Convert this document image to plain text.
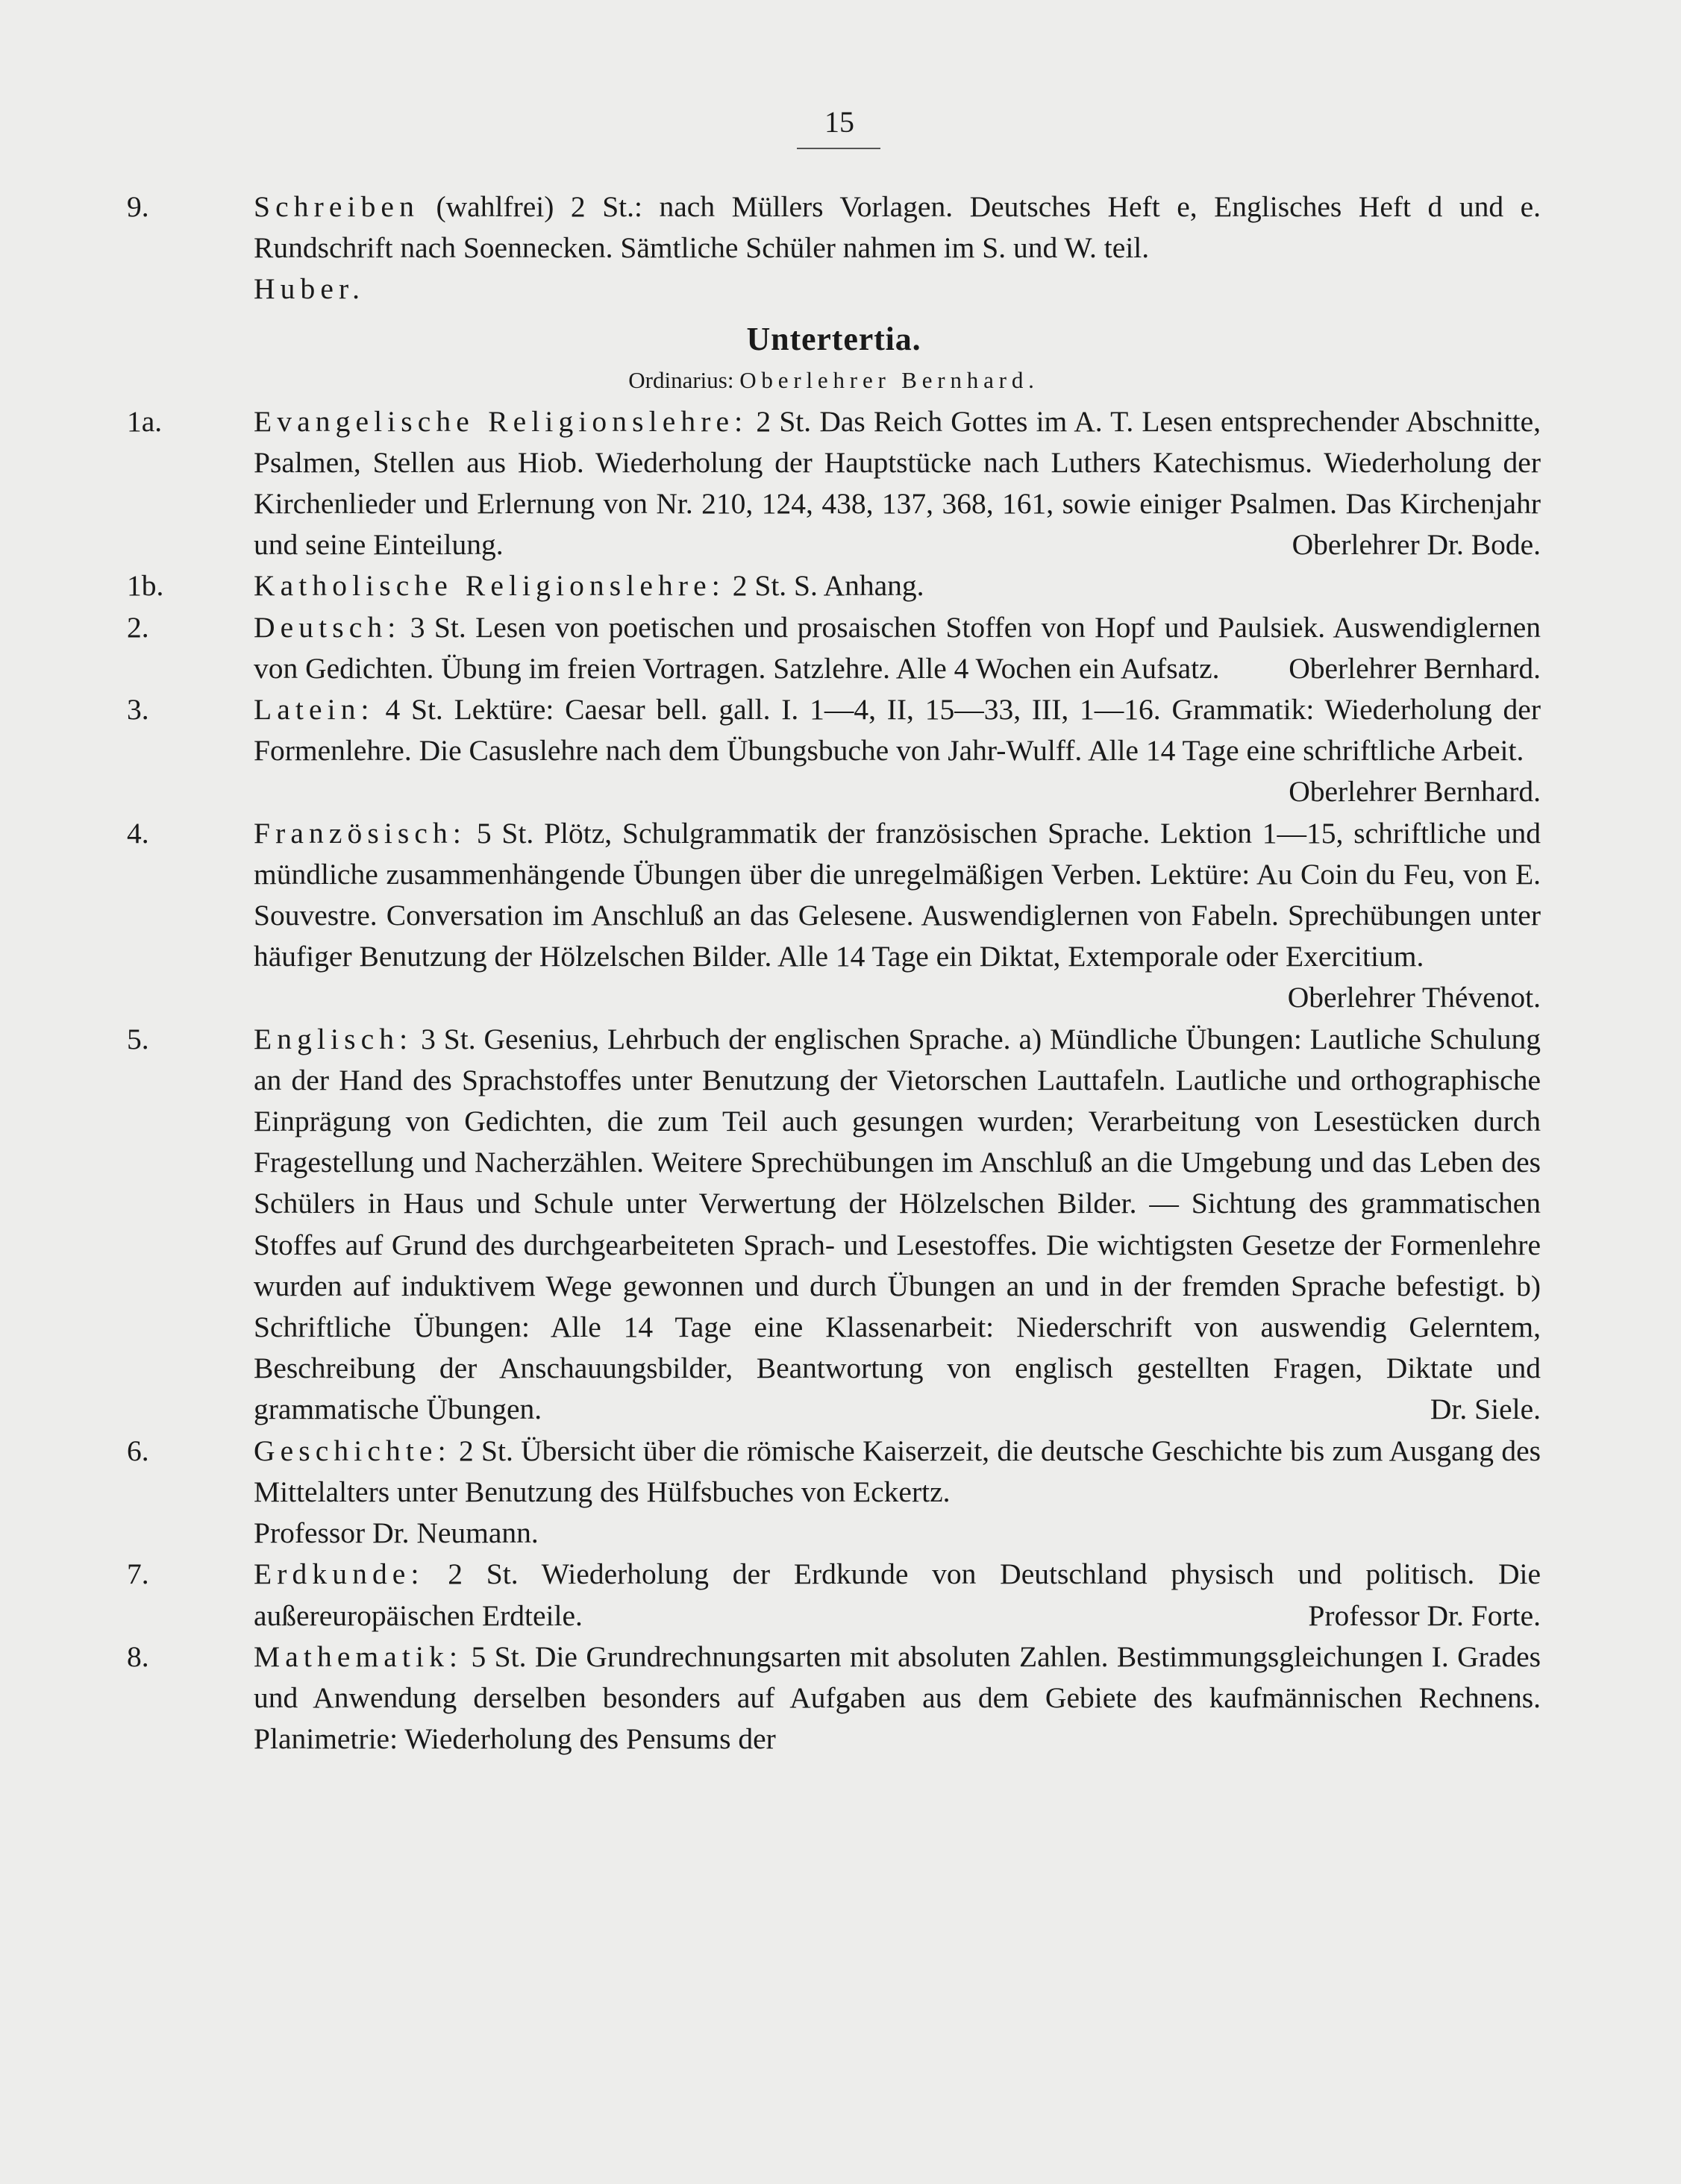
15
9.	Schreiben (wahlfrei) 2 St.: nach Müllers Vorlagen. Deutsches Heft e, Englisches Heft d und e. Rundschrift nach Soennecken. Sämtliche Schüler nahmen im S. und W. teil.
Huber.
Untertertia.
Ordinarius: Oberlehrer Bernhard.
1a.	Evangelische Religionslehre: 2 St. Das Reich Gottes im A. T. Lesen entsprechender Abschnitte, Psalmen, Stellen aus Hiob. Wiederholung der Hauptstücke nach Luthers Katechismus. Wiederholung der Kirchenlieder und Erlernung von Nr. 210, 124, 438, 137, 368, 161, sowie einiger Psalmen. Das Kirchenjahr und seine Einteilung.	Oberlehrer Dr. Bode.
1b.	Katholische Religionslehre: 2 St. S. Anhang.
2.	Deutsch: 3 St. Lesen von poetischen und prosaischen Stoffen von Hopf und Paulsiek. Auswendiglernen von Gedichten. Übung im freien Vortragen. Satzlehre. Alle 4 Wochen ein Aufsatz. Oberlehrer Bernhard.
3.	Latein: 4 St. Lektüre: Caesar bell. gall. I. 1—4, II, 15—33, III, 1—16. Grammatik: Wiederholung der Formenlehre. Die Casuslehre nach dem Übungsbuche von Jahr-Wulff. Alle 14 Tage eine schriftliche Arbeit.
Oberlehrer Bernhard.
4.	Französisch: 5 St. Plötz, Schulgrammatik der französischen Sprache. Lektion 1—15, schriftliche und mündliche zusammenhängende Übungen über die unregelmäßigen Verben. Lektüre: Au Coin du Feu, von E. Souvestre. Conversation im Anschluß an das Gelesene. Auswendiglernen von Fabeln. Sprechübungen unter häufiger Benutzung der Hölzelschen Bilder. Alle 14 Tage ein Diktat, Extemporale oder Exercitium.
Oberlehrer Thévenot.
5.	Englisch: 3 St. Gesenius, Lehrbuch der englischen Sprache. a) Mündliche Übungen: Lautliche Schulung an der Hand des Sprachstoffes unter Benutzung der Vietorschen Lauttafeln. Lautliche und orthographische Einprägung von Gedichten, die zum Teil auch gesungen wurden; Verarbeitung von Lesestücken durch Fragestellung und Nacherzählen. Weitere Sprechübungen im Anschluß an die Umgebung und das Leben des Schülers in Haus und Schule unter Verwertung der Hölzelschen Bilder. — Sichtung des grammatischen Stoffes auf Grund des durchgearbeiteten Sprach- und Lesestoffes. Die wichtigsten Gesetze der Formenlehre wurden auf induktivem Wege gewonnen und durch Übungen an und in der fremden Sprache befestigt. b) Schriftliche Übungen: Alle 14 Tage eine Klassenarbeit: Niederschrift von auswendig Gelerntem, Beschreibung der Anschauungsbilder, Beantwortung von englisch gestellten Fragen, Diktate und grammatische Übungen.	Dr. Siele.
6.	Geschichte: 2 St. Übersicht über die römische Kaiserzeit, die deutsche Geschichte bis zum Ausgang des Mittelalters unter Benutzung des Hülfsbuches von Eckertz.
Professor Dr. Neumann.
7.	Erdkunde: 2 St. Wiederholung der Erdkunde von Deutschland physisch und politisch. Die außereuropäischen Erdteile.	Professor Dr. Forte.
8.	Mathematik: 5 St. Die Grundrechnungsarten mit absoluten Zahlen. Bestimmungsgleichungen I. Grades und Anwendung derselben besonders auf Aufgaben aus dem Gebiete des kaufmännischen Rechnens. Planimetrie: Wiederholung des Pensums der
